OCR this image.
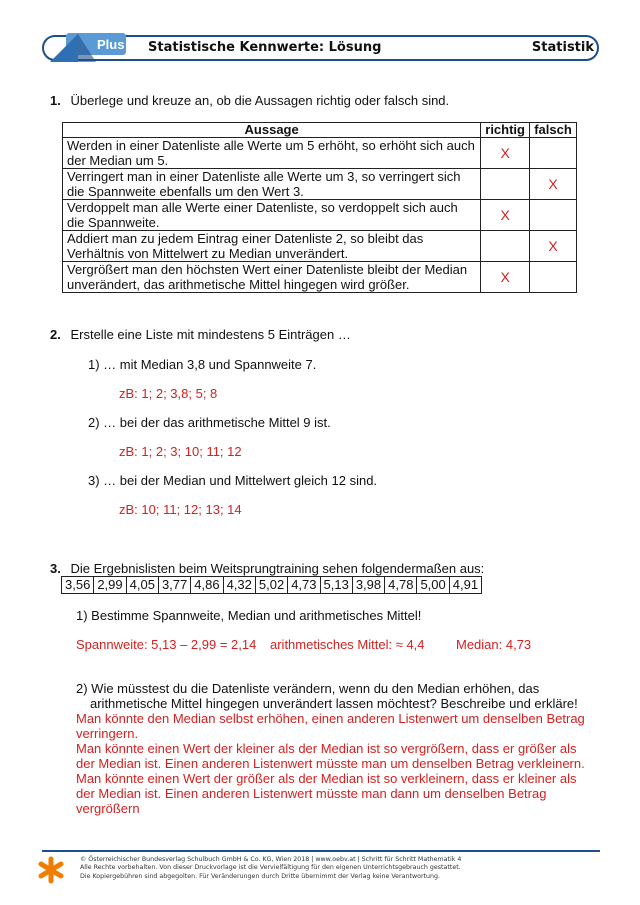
Plus Statistische Kennwerte: Lösung	Statistik
1. Überlege und kreuze an, ob die Aussagen richtig oder falsch sind.
Aussage	richtig	falsch
Werden in einer Datenliste alle Werte um 5 erhöht, so erhöht sich auch der Median um 5.	X	
Verringert man in einer Datenliste alle Werte um 3, so verringert sich die Spannweite ebenfalls um den Wert 3.		X
Verdoppelt man alle Werte einer Datenliste, so verdoppelt sich auch die Spannweite.	X	
Addiert man zu jedem Eintrag einer Datenliste 2, so bleibt das Verhältnis von Mittelwert zu Median unverändert.		X
Vergrößert man den höchsten Wert einer Datenliste bleibt der Median unverändert, das arithmetische Mittel hingegen wird größer.	X	
2. Erstelle eine Liste mit mindestens 5 Einträgen …
1) … mit Median 3,8 und Spannweite 7.
zB: 1; 2; 3,8; 5; 8
2) … bei der das arithmetische Mittel 9 ist.
zB: 1; 2; 3; 10; 11; 12
3) … bei der Median und Mittelwert gleich 12 sind.
zB: 10; 11; 12; 13; 14
3. Die Ergebnislisten beim Weitsprungtraining sehen folgendermaßen aus:
3,56	2,99	4,05	3,77	4,86	4,32	5,02	4,73	5,13	3,98	4,78	5,00	4,91
1) Bestimme Spannweite, Median und arithmetisches Mittel!
Spannweite: 5,13 – 2,99 = 2,14 arithmetisches Mittel: ≈ 4,4 Median: 4,73
2) Wie müsstest du die Datenliste verändern, wenn du den Median erhöhen, das
arithmetische Mittel hingegen unverändert lassen möchtest? Beschreibe und erkläre!
Man könnte den Median selbst erhöhen, einen anderen Listenwert um denselben Betrag
verringern.
Man könnte einen Wert der kleiner als der Median ist so vergrößern, dass er größer als
der Median ist. Einen anderen Listenwert müsste man um denselben Betrag verkleinern.
Man könnte einen Wert der größer als der Median ist so verkleinern, dass er kleiner als
der Median ist. Einen anderen Listenwert müsste man dann um denselben Betrag
vergrößern
© Österreichischer Bundesverlag Schulbuch GmbH & Co. KG, Wien 2018 | www.oebv.at | Schritt für Schritt Mathematik 4
Alle Rechte vorbehalten. Von dieser Druckvorlage ist die Vervielfältigung für den eigenen Unterrichtsgebrauch gestattet.
Die Kopiergebühren sind abgegolten. Für Veränderungen durch Dritte übernimmt der Verlag keine Verantwortung.
